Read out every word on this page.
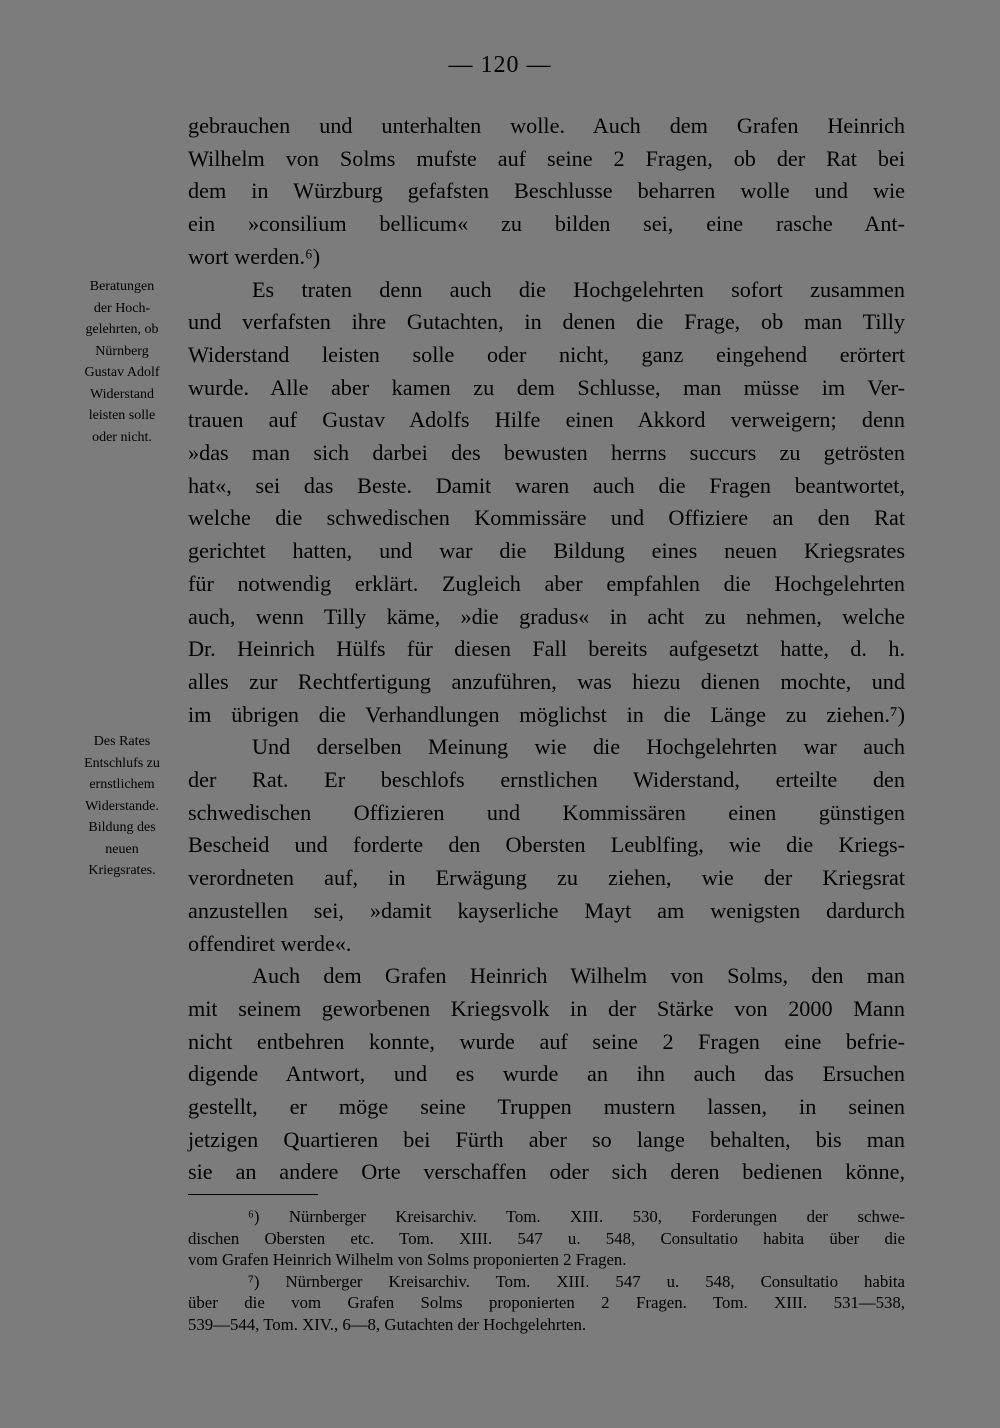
— 120 —
Beratungen
der Hoch-
gelehrten, ob
Nürnberg
Gustav Adolf
Widerstand
leisten solle
oder nicht.
Des Rates
Entschlufs zu
ernstlichem
Widerstande.
Bildung des
neuen
Kriegsrates.
gebrauchen und unterhalten wolle. Auch dem Grafen Heinrich
Wilhelm von Solms mufste auf seine 2 Fragen, ob der Rat bei
dem in Würzburg gefafsten Beschlusse beharren wolle und wie
ein »consilium bellicum« zu bilden sei, eine rasche Ant-
wort werden.⁶)
Es traten denn auch die Hochgelehrten sofort zusammen
und verfafsten ihre Gutachten, in denen die Frage, ob man Tilly
Widerstand leisten solle oder nicht, ganz eingehend erörtert
wurde. Alle aber kamen zu dem Schlusse, man müsse im Ver-
trauen auf Gustav Adolfs Hilfe einen Akkord verweigern; denn
»das man sich darbei des bewusten herrns succurs zu getrösten
hat«, sei das Beste. Damit waren auch die Fragen beantwortet,
welche die schwedischen Kommissäre und Offiziere an den Rat
gerichtet hatten, und war die Bildung eines neuen Kriegsrates
für notwendig erklärt. Zugleich aber empfahlen die Hochgelehrten
auch, wenn Tilly käme, »die gradus« in acht zu nehmen, welche
Dr. Heinrich Hülfs für diesen Fall bereits aufgesetzt hatte, d. h.
alles zur Rechtfertigung anzuführen, was hiezu dienen mochte, und
im übrigen die Verhandlungen möglichst in die Länge zu ziehen.⁷)
Und derselben Meinung wie die Hochgelehrten war auch
der Rat. Er beschlofs ernstlichen Widerstand, erteilte den
schwedischen Offizieren und Kommissären einen günstigen
Bescheid und forderte den Obersten Leublfing, wie die Kriegs-
verordneten auf, in Erwägung zu ziehen, wie der Kriegsrat
anzustellen sei, »damit kayserliche Mayt am wenigsten dardurch
offendiret werde«.
Auch dem Grafen Heinrich Wilhelm von Solms, den man
mit seinem geworbenen Kriegsvolk in der Stärke von 2000 Mann
nicht entbehren konnte, wurde auf seine 2 Fragen eine befrie-
digende Antwort, und es wurde an ihn auch das Ersuchen
gestellt, er möge seine Truppen mustern lassen, in seinen
jetzigen Quartieren bei Fürth aber so lange behalten, bis man
sie an andere Orte verschaffen oder sich deren bedienen könne,
⁶) Nürnberger Kreisarchiv. Tom. XIII. 530, Forderungen der schwe-
dischen Obersten etc. Tom. XIII. 547 u. 548, Consultatio habita über die
vom Grafen Heinrich Wilhelm von Solms proponierten 2 Fragen.
⁷) Nürnberger Kreisarchiv. Tom. XIII. 547 u. 548, Consultatio habita
über die vom Grafen Solms proponierten 2 Fragen. Tom. XIII. 531—538,
539—544, Tom. XIV., 6—8, Gutachten der Hochgelehrten.
